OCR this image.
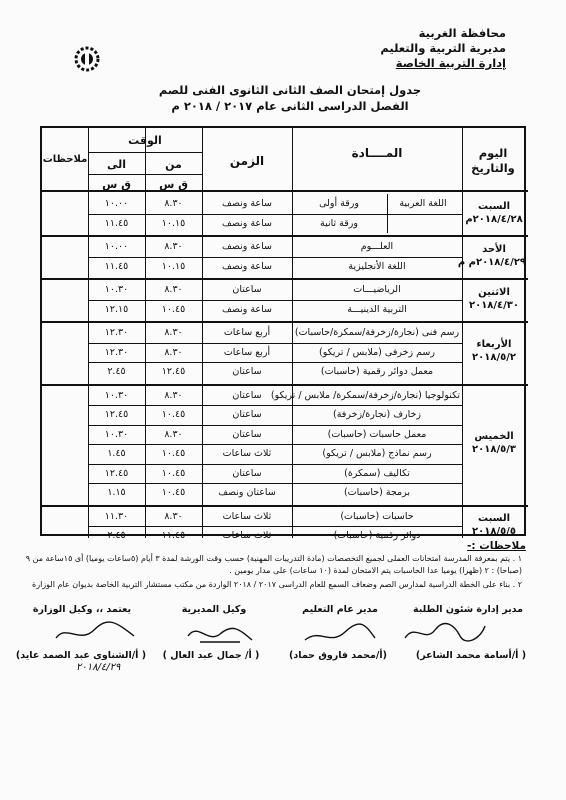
محافظة الغربية
مديرية التربية والتعليم
إدارة التربية الخاصة
جدول إمتحان الصف الثانى الثانوى الفنى للصم
الفصل الدراسى الثانى عام ٢٠١٧ / ٢٠١٨ م
اليوم والتاريخ
المــــادة
الزمن
الوقت
من
الى
ق س
ق س
ملاحظات
السبت
٢٠١٨/٤/٢٨م
الأحد
٢٠١٨/٤/٢٩م م
الاثنين
٢٠١٨/٤/٣٠
الأربعاء
٢٠١٨/٥/٢
الخميس
٢٠١٨/٥/٣
السبت
٢٠١٨/٥/٥
اللغة العربية
ورقة أولى
ساعة ونصف
٨.٣٠
١٠.٠٠
ورقة ثانية
ساعة ونصف
١٠.١٥
١١.٤٥
العلـــوم
ساعة ونصف
٨.٣٠
١٠.٠٠
اللغة الأنجليزية
ساعة ونصف
١٠.١٥
١١.٤٥
الرياضيـــات
ساعتان
٨.٣٠
١٠.٣٠
التربية الدينيـــة
ساعة ونصف
١٠.٤٥
١٢.١٥
رسم فنى (نجارة/زخرفة/سمكرة/حاسبات)
أربع ساعات
٨.٣٠
١٢.٣٠
رسم زخرفى (ملابس / تريكو)
أربع ساعات
٨.٣٠
١٢.٣٠
معمل دوائر رقمية (حاسبات)
ساعتان
١٢.٤٥
٢.٤٥
تكنولوجيا (نجارة/زخرفة/سمكرة/ ملابس / تريكو)
ساعتان
٨.٣٠
١٠.٣٠
زخارف (نجارة/زخرفة)
ساعتان
١٠.٤٥
١٢.٤٥
معمل حاسبات (حاسبات)
ساعتان
٨.٣٠
١٠.٣٠
رسم نماذج (ملابس / تريكو)
ثلاث ساعات
١٠.٤٥
١.٤٥
تكاليف (سمكرة)
ساعتان
١٠.٤٥
١٢.٤٥
برمجة (حاسبات)
ساعتان ونصف
١٠.٤٥
١.١٥
حاسبات (حاسبات)
ثلاث ساعات
٨.٣٠
١١.٣٠
دوائر رقمية (حاسبات)
ثلاث ساعات
١١.٤٥
٢.٤٥
ملاحظات :-
١ . يتم بمعرفة المدرسة امتحانات العملى لجميع التخصصات (مادة التدريبات المهنية) حسب وقت الورشة لمدة ٣ أيام (٥ساعات يوميا) أى ١٥ساعة من ٩
(صباحا) : ٢ (ظهرا) يوميا عدا الحاسبات يتم الامتحان لمدة (١٠ ساعات) على مدار يومين .
٢ . بناء على الخطة الدراسية لمدارس الصم وضعاف السمع للعام الدراسى ٢٠١٧ / ٢٠١٨ الواردة من مكتب مستشار التربية الخاصة بديوان عام الوزارة
مدير إدارة شئون الطلبة
مدير عام التعليم
وكيل المديرية
يعتمد ،، وكيل الوزارة
( أ/أسامة محمد الشاعر)
(أ/محمد فاروق حماد)
( أ/ جمال عبد العال )
( أ/الشناوى عبد الصمد عايد)
٢٠١٨/٤/٢٩
